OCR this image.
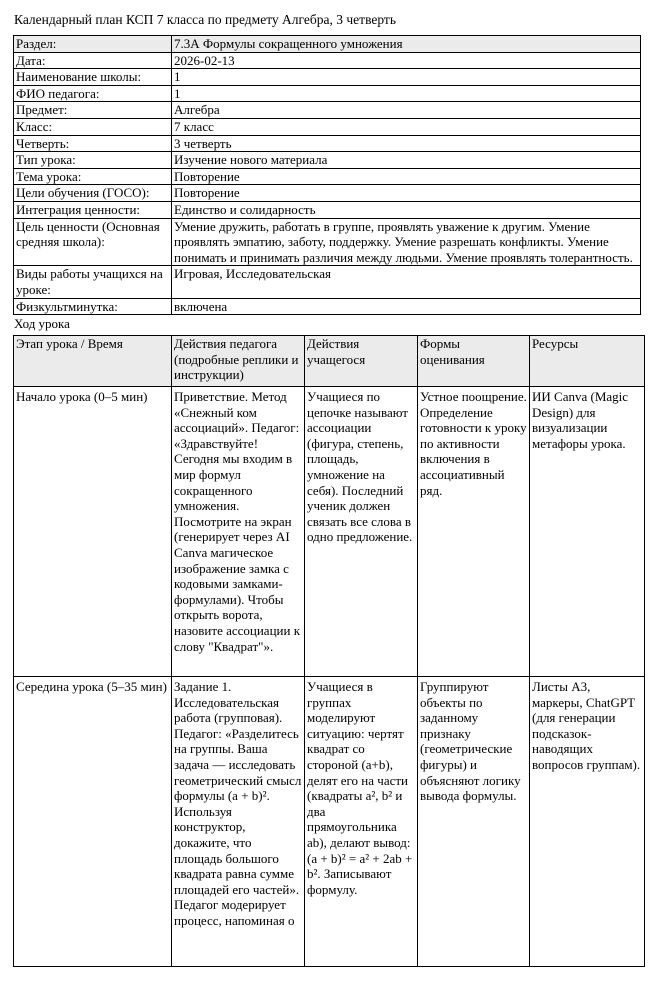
Календарный план КСП 7 класса по предмету Алгебра, 3 четверть
Раздел:	7.3А Формулы сокращенного умножения
Дата:	2026-02-13
Наименование школы:	1
ФИО педагога:	1
Предмет:	Алгебра
Класс:	7 класс
Четверть:	3 четверть
Тип урока:	Изучение нового материала
Тема урока:	Повторение
Цели обучения (ГОСО):	Повторение
Интеграция ценности:	Единство и солидарность
Цель ценности (Основная средняя школа):	Умение дружить, работать в группе, проявлять уважение к другим. Умение проявлять эмпатию, заботу, поддержку. Умение разрешать конфликты. Умение понимать и принимать различия между людьми. Умение проявлять толерантность.
Виды работы учащихся на уроке:	Игровая, Исследовательская
Физкультминутка:	включена
Ход урока
Этап урока / Время	Действия педагога (подробные реплики и инструкции)	Действия учащегося	Формы оценивания	Ресурсы
Начало урока (0–5 мин)	Приветствие. Метод «Снежный ком ассоциаций». Педагог: «Здравствуйте! Сегодня мы входим в мир формул сокращенного умножения. Посмотрите на экран (генерирует через AI Canva магическое изображение замка с кодовыми замками-формулами). Чтобы открыть ворота, назовите ассоциации к слову "Квадрат"».	Учащиеся по цепочке называют ассоциации (фигура, степень, площадь, умножение на себя). Последний ученик должен связать все слова в одно предложение.	Устное поощрение. Определение готовности к уроку по активности включения в ассоциативный ряд.	ИИ Canva (Magic Design) для визуализации метафоры урока.
Середина урока (5–35 мин)	Задание 1. Исследовательская работа (групповая). Педагог: «Разделитесь на группы. Ваша задача — исследовать геометрический смысл формулы (a + b)². Используя конструктор, докажите, что площадь большого квадрата равна сумме площадей его частей». Педагог модерирует процесс, напоминая о	Учащиеся в группах моделируют ситуацию: чертят квадрат со стороной (a+b), делят его на части (квадраты a², b² и два прямоугольника ab), делают вывод: (a + b)² = a² + 2ab + b². Записывают формулу.	Группируют объекты по заданному признаку (геометрические фигуры) и объясняют логику вывода формулы.	Листы А3, маркеры, ChatGPT (для генерации подсказок-наводящих вопросов группам).
